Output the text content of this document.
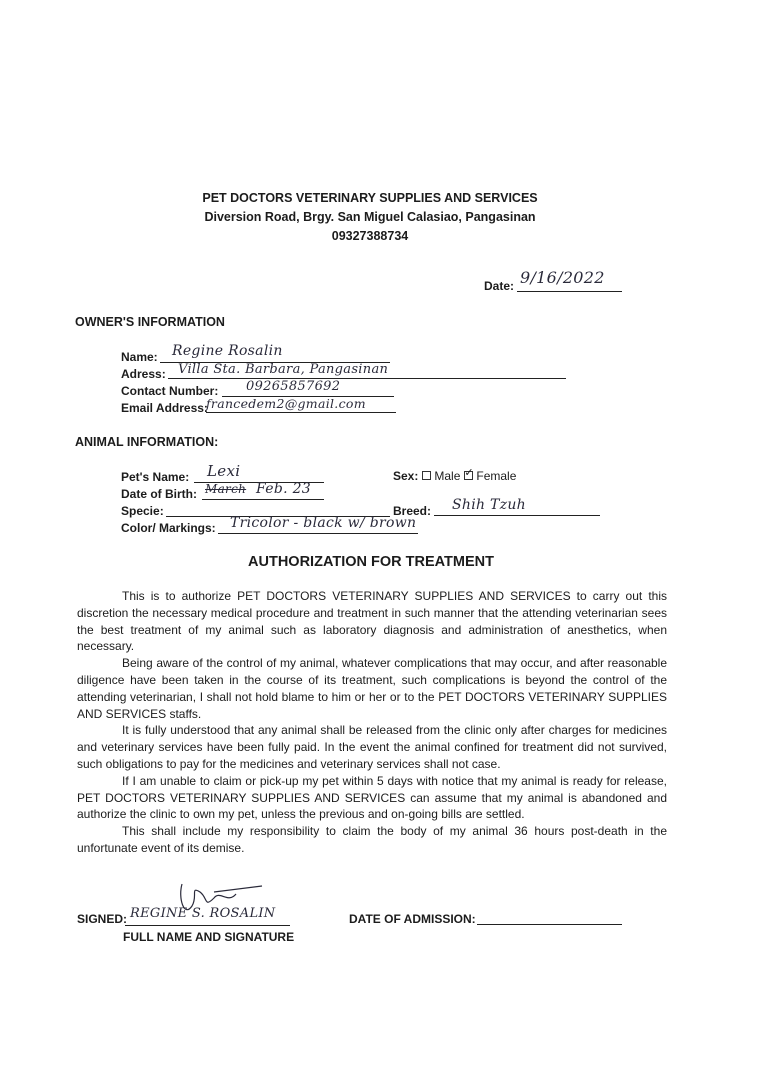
PET DOCTORS VETERINARY SUPPLIES AND SERVICES
Diversion Road, Brgy. San Miguel Calasiao, Pangasinan
09327388734
Date: 9/16/2022
OWNER'S INFORMATION
Name: Regine Rosalin
Adress: Villa Sta. Barbara, Pangasinan
Contact Number: 09265857692
Email Address:
francedem2@gmail.com
ANIMAL INFORMATION:
Pet's Name: Lexi
Date of Birth: March Feb. 23
Specie:
Color/ Markings: Tricolor - black w/ brown
Sex: Male✓ Female
Breed: Shih Tzuh
AUTHORIZATION FOR TREATMENT

This is to authorize PET DOCTORS VETERINARY SUPPLIES AND SERVICES to carry out this discretion the necessary medical procedure and treatment in such manner that the attending veterinarian sees the best treatment of my animal such as laboratory diagnosis and administration of anesthetics, when necessary.

Being aware of the control of my animal, whatever complications that may occur, and after reasonable diligence have been taken in the course of its treatment, such complications is beyond the control of the attending veterinarian, I shall not hold blame to him or her or to the PET DOCTORS VETERINARY SUPPLIES AND SERVICES staffs.

It is fully understood that any animal shall be released from the clinic only after charges for medicines and veterinary services have been fully paid. In the event the animal confined for treatment did not survived, such obligations to pay for the medicines and veterinary services shall not case.

If I am unable to claim or pick-up my pet within 5 days with notice that my animal is ready for release, PET DOCTORS VETERINARY SUPPLIES AND SERVICES can assume that my animal is abandoned and authorize the clinic to own my pet, unless the previous and on-going bills are settled.

This shall include my responsibility to claim the body of my animal 36 hours post-death in the unfortunate event of its demise.

SIGNED: REGINE S. ROSALIN
FULL NAME AND SIGNATURE
DATE OF ADMISSION:
